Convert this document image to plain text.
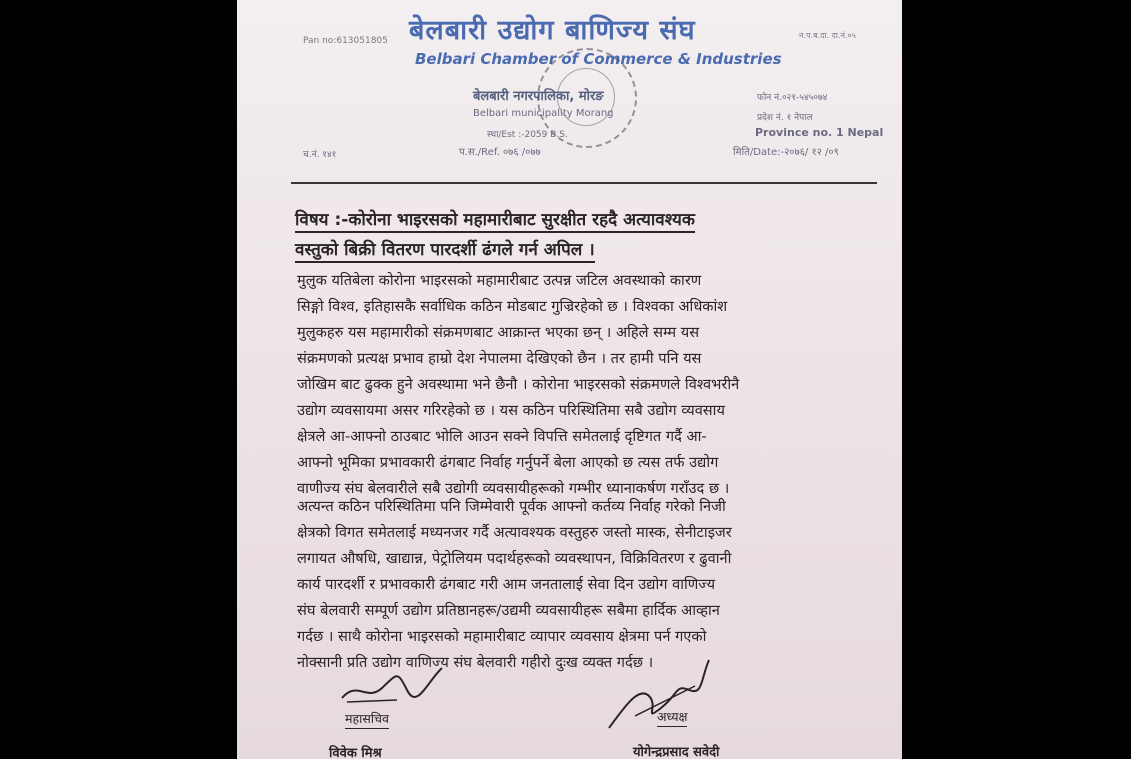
Pan no:613051805 बेलबारी उद्योग बाणिज्य संघ	न.प.ब.दा. दा.नं.०५
Belbari Chamber of Commerce & Industries
बेलबारी नगरपालिका, मोरङ
Belbari municipality Morang
स्था/Est :-2059 B.S.
फोन नं.०२१-५४५०७४
प्रदेश नं. १ नेपाल
Province no. 1 Nepal
च.नं. १४१	प.स./Ref. ०७६ /०७७	मिति/Date:-२०७६/ १२ /०९
विषय :-कोरोना भाइरसको महामारीबाट सुरक्षीत रहदै अत्यावश्यक
वस्तुको बिक्री वितरण पारदर्शी ढंगले गर्न अपिल ।
मुलुक यतिबेला कोरोना भाइरसको महामारीबाट उत्पन्न जटिल अवस्थाको कारण
सिङ्गो विश्व, इतिहासकै सर्वाधिक कठिन मोडबाट गुज्रिरहेको छ । विश्वका अधिकांश
मुलुकहरु यस महामारीको संक्रमणबाट आक्रान्त भएका छन् । अहिले सम्म यस
संक्रमणको प्रत्यक्ष प्रभाव हाम्रो देश नेपालमा देखिएको छैन । तर हामी पनि यस
जोखिम बाट ढुक्क हुने अवस्थामा भने छैनौ । कोरोना भाइरसको संक्रमणले विश्वभरीनै
उद्योग व्यवसायमा असर गरिरहेको छ । यस कठिन परिस्थितिमा सबै उद्योग व्यवसाय
क्षेत्रले आ-आफ्नो ठाउबाट भोलि आउन सक्ने विपत्ति समेतलाई दृष्टिगत गर्दै आ-
आफ्नो भूमिका प्रभावकारी ढंगबाट निर्वाह गर्नुपर्ने बेला आएको छ त्यस तर्फ उद्योग
वाणीज्य संघ बेलवारीले सबै उद्योगी व्यवसायीहरूको गम्भीर ध्यानाकर्षण गराँउद छ ।
अत्यन्त कठिन परिस्थितिमा पनि जिम्मेवारी पूर्वक आफ्नो कर्तव्य निर्वाह गरेको निजी
क्षेत्रको विगत समेतलाई मध्यनजर गर्दै अत्यावश्यक वस्तुहरु जस्तो मास्क, सेनीटाइजर
लगायत औषधि, खाद्यान्न, पेट्रोलियम पदार्थहरूको व्यवस्थापन, विक्रिवितरण र ढुवानी
कार्य पारदर्शी र प्रभावकारी ढंगबाट गरी आम जनतालाई सेवा दिन उद्योग वाणिज्य
संघ बेलवारी सम्पूर्ण उद्योग प्रतिष्ठानहरू/उद्यमी व्यवसायीहरू सबैमा हार्दिक आव्हान
गर्दछ । साथै कोरोना भाइरसको महामारीबाट व्यापार व्यवसाय क्षेत्रमा पर्न गएको
नोक्सानी प्रति उद्योग वाणिज्य संघ बेलवारी गहीरो दुःख व्यक्त गर्दछ ।
महासचिव
विवेक मिश्र
अध्यक्ष
योगेन्द्रप्रसाद सवेदी
